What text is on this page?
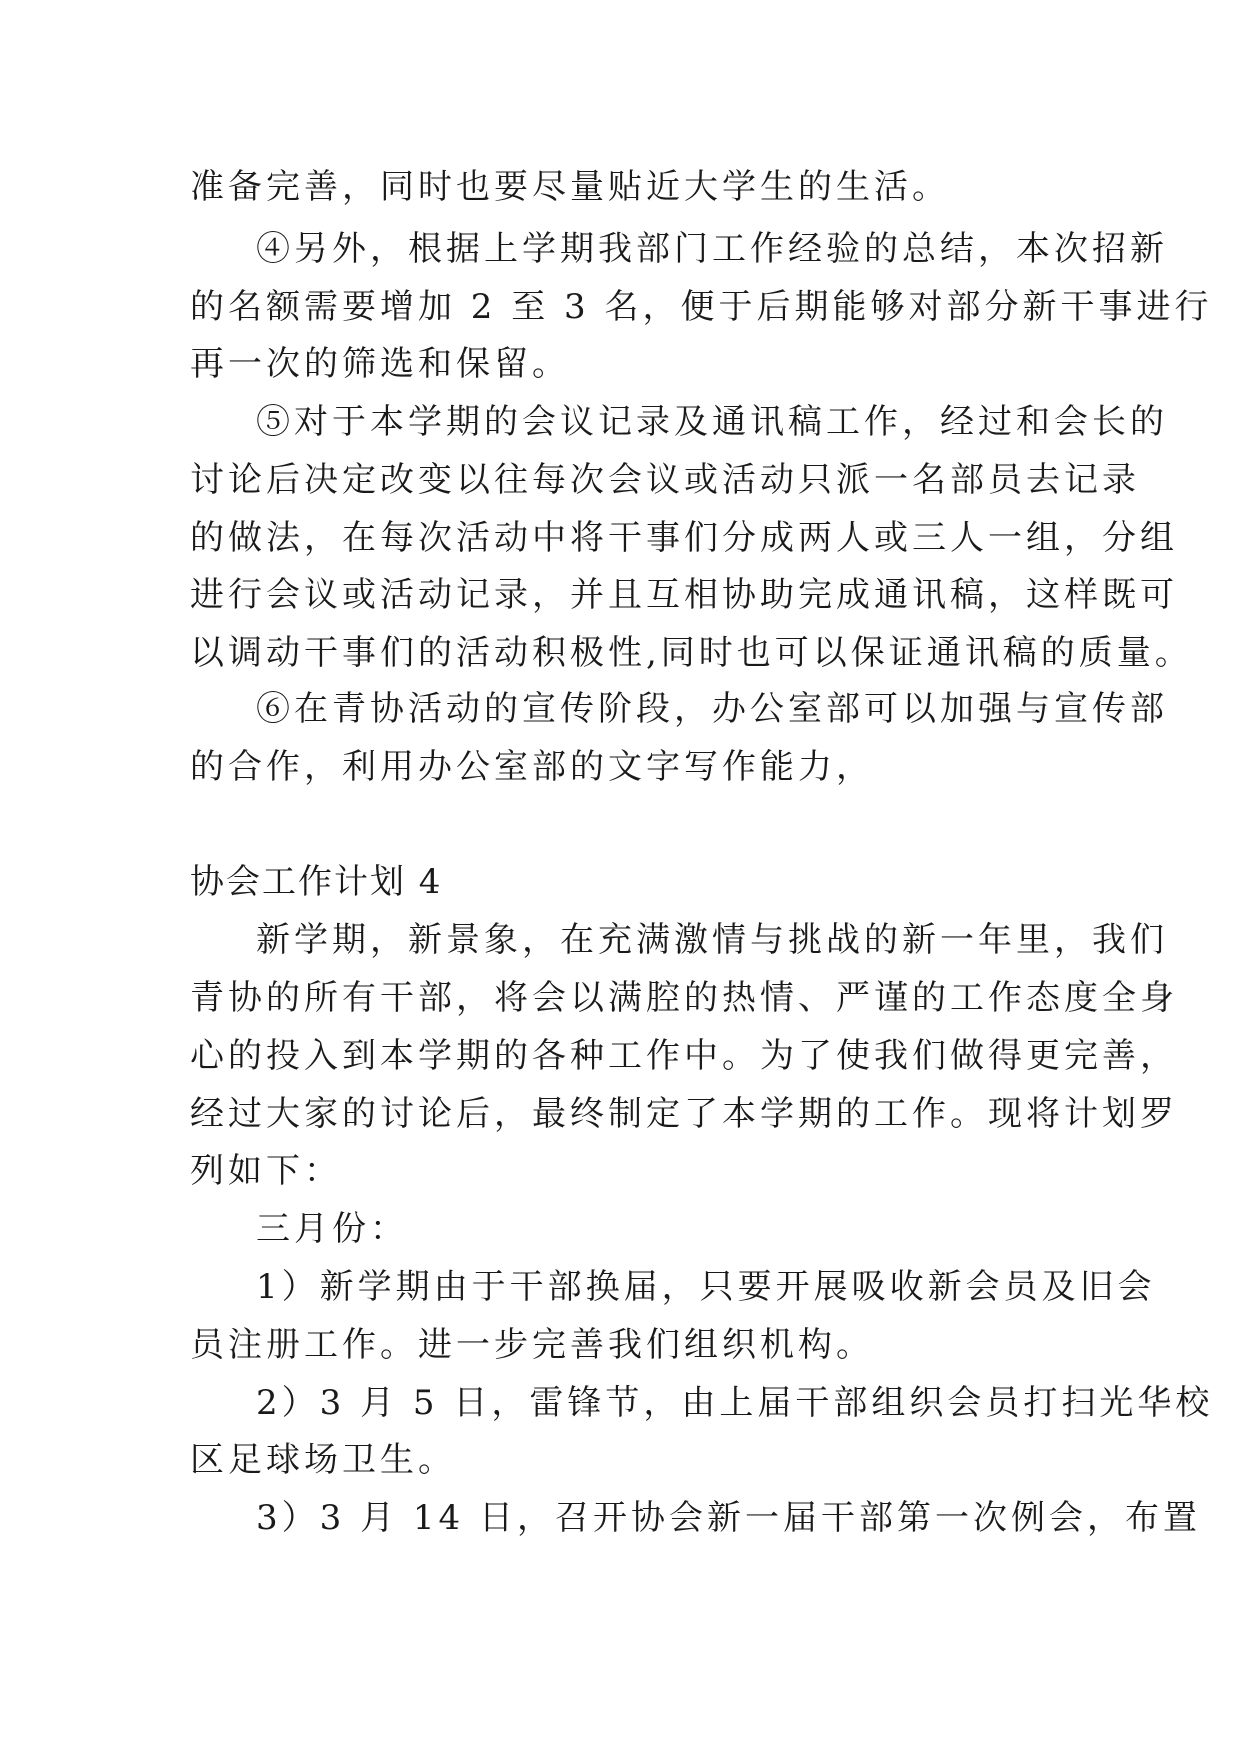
准备完善，同时也要尽量贴近大学生的生活。
④另外，根据上学期我部门工作经验的总结，本次招新
的名额需要增加 2 至 3 名，便于后期能够对部分新干事进行
再一次的筛选和保留。
⑤对于本学期的会议记录及通讯稿工作，经过和会长的
讨论后决定改变以往每次会议或活动只派一名部员去记录
的做法，在每次活动中将干事们分成两人或三人一组，分组
进行会议或活动记录，并且互相协助完成通讯稿，这样既可
以调动干事们的活动积极性,同时也可以保证通讯稿的质量。
⑥在青协活动的宣传阶段，办公室部可以加强与宣传部
的合作，利用办公室部的文字写作能力，
协会工作计划 4
新学期，新景象，在充满激情与挑战的新一年里，我们
青协的所有干部，将会以满腔的热情、严谨的工作态度全身
心的投入到本学期的各种工作中。为了使我们做得更完善，
经过大家的讨论后，最终制定了本学期的工作。现将计划罗
列如下：
三月份：
1）新学期由于干部换届，只要开展吸收新会员及旧会
员注册工作。进一步完善我们组织机构。
2）3 月 5 日，雷锋节，由上届干部组织会员打扫光华校
区足球场卫生。
3）3 月 14 日，召开协会新一届干部第一次例会，布置
